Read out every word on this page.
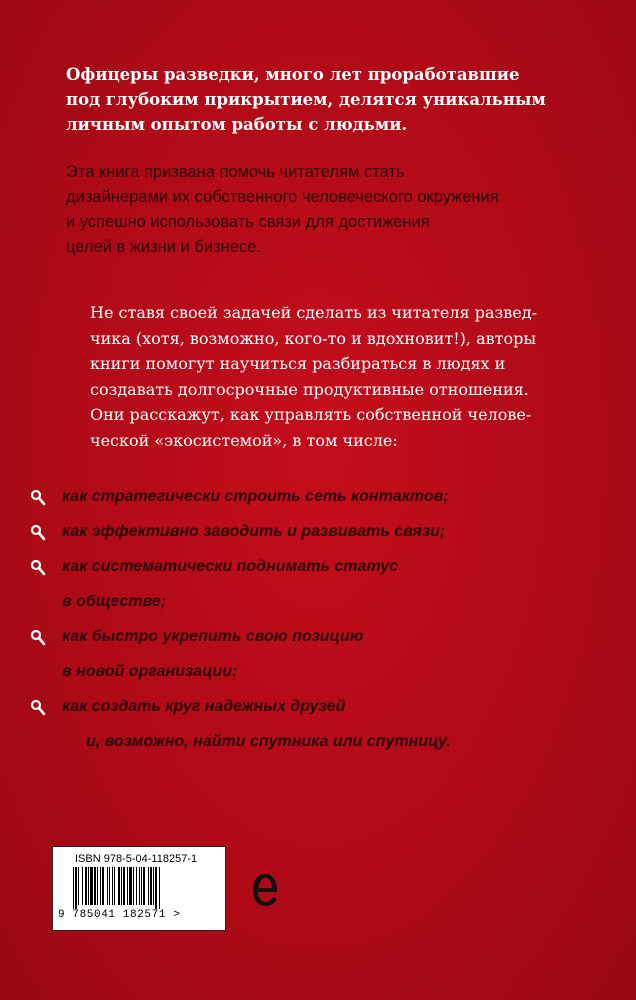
Офицеры разведки, много лет проработавшие
под глубоким прикрытием, делятся уникальным
личным опытом работы с людьми.
Эта книга призвана помочь читателям стать
дизайнерами их собственного человеческого окружения
и успешно использовать связи для достижения
целей в жизни и бизнесе.
Не ставя своей задачей сделать из читателя развед-
чика (хотя, возможно, кого-то и вдохновит!), авторы
книги помогут научиться разбираться в людях и
создавать долгосрочные продуктивные отношения.
Они расскажут, как управлять собственной челове-
ческой «экосистемой», в том числе:
как стратегически строить сеть контактов;
как эффективно заводить и развивать связи;
как систематически поднимать статус
в обществе;
как быстро укрепить свою позицию
в новой организации;
как создать круг надежных друзей
и, возможно, найти спутника или спутницу.
ISBN 978-5-04-118257-1
9 785041 182571 >
